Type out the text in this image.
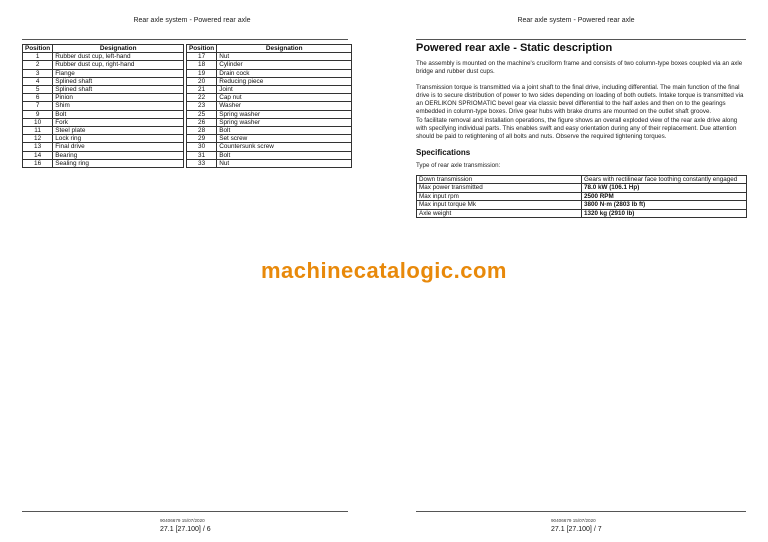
Rear axle system - Powered rear axle
Position	Designation
1	Rubber dust cup, left-hand
2	Rubber dust cup, right-hand
3	Flange
4	Splined shaft
5	Splined shaft
6	Pinion
7	Shim
9	Bolt
10	Fork
11	Steel plate
12	Lock ring
13	Final drive
14	Bearing
16	Sealing ring
Position	Designation
17	Nut
18	Cylinder
19	Drain cock
20	Reducing piece
21	Joint
22	Cap nut
23	Washer
25	Spring washer
26	Spring washer
28	Bolt
29	Set screw
30	Countersunk screw
31	Bolt
33	Nut
90406679 15/07/2020
27.1 [27.100] / 6
Rear axle system - Powered rear axle
Powered rear axle - Static description

The assembly is mounted on the machine's cruciform frame and consists of two column-type boxes coupled via an axle bridge and rubber dust cups.

Transmission torque is transmitted via a joint shaft to the final drive, including differential. The main function of the final drive is to secure distribution of power to two sides depending on loading of both outlets. Intake torque is transmitted via an OERLIKON SPRIOMATIC bevel gear via classic bevel differential to the half axles and then on to the gearings embedded in column-type boxes. Drive gear hubs with brake drums are mounted on the outlet shaft groove.

To facilitate removal and installation operations, the figure shows an overall exploded view of the rear axle drive along with specifying individual parts. This enables swift and easy orientation during any of their replacement. Due attention should be paid to retightening of all bolts and nuts. Observe the required tightening torques.

Specifications
Type of rear axle transmission:
Down transmission	Gears with rectilinear face toothing constantly engaged
Max power transmitted	78.0 kW (106.1 Hp)
Max input rpm	2500 RPM
Max input torque Mk	3800 N·m (2803 lb ft)
Axle weight	1320 kg (2910 lb)
machinecatalogic.com
90406679 15/07/2020
27.1 [27.100] / 7
